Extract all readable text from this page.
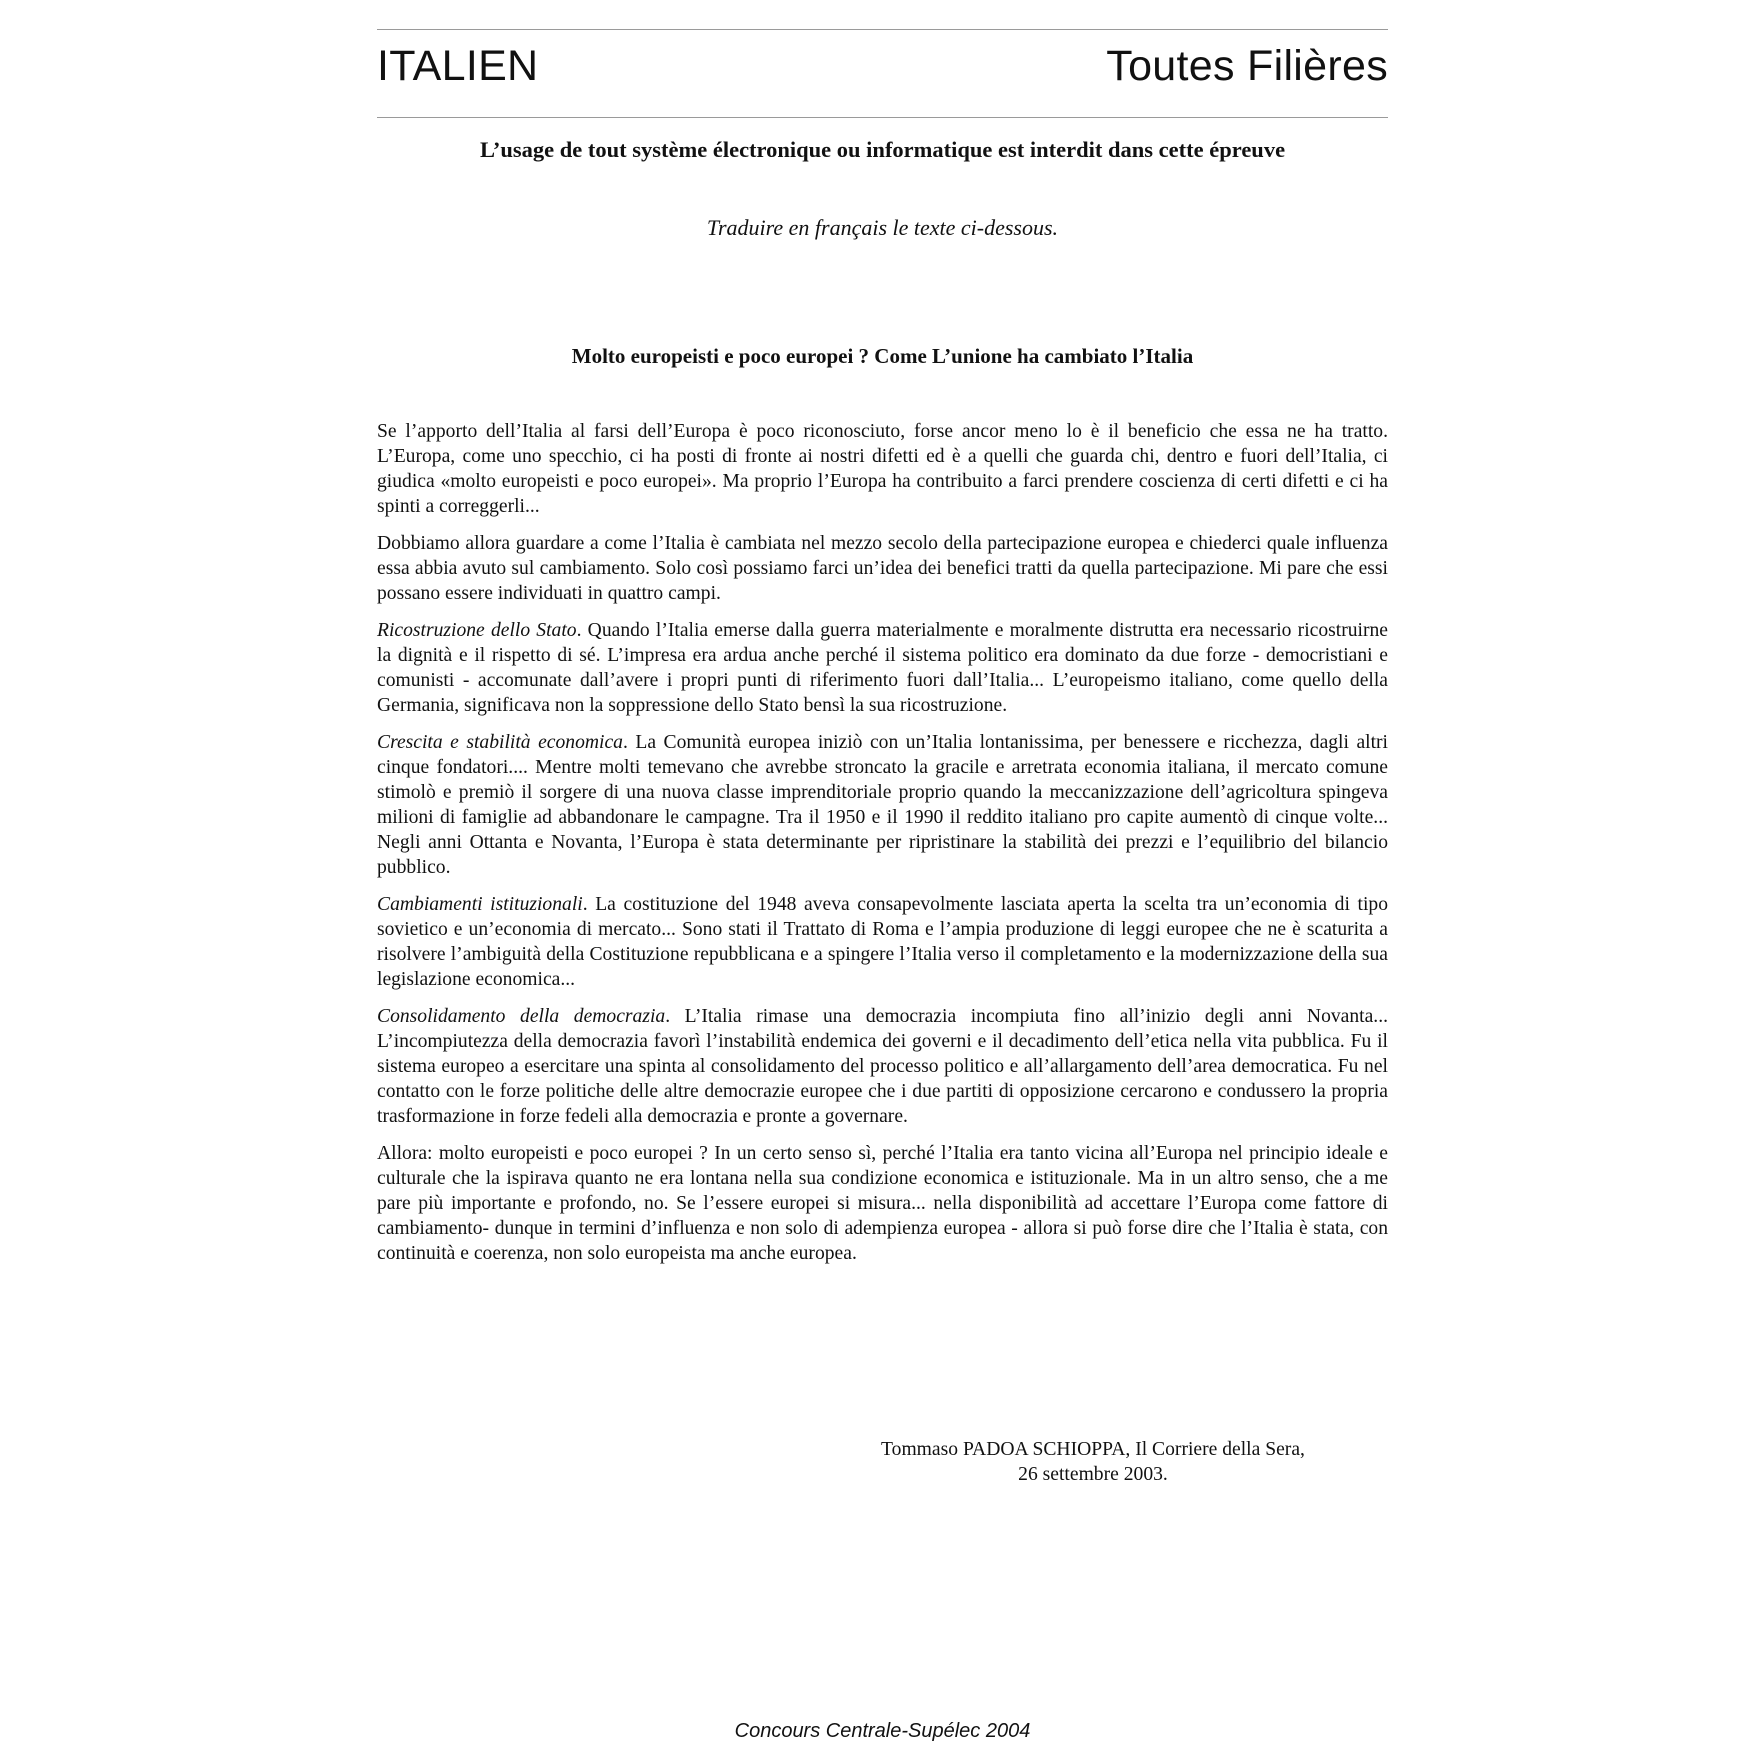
ITALIEN	Toutes Filières
L’usage de tout système électronique ou informatique est interdit dans cette épreuve
Traduire en français le texte ci-dessous.
Molto europeisti e poco europei ? Come L’unione ha cambiato l’Italia

Se l’apporto dell’Italia al farsi dell’Europa è poco riconosciuto, forse ancor meno lo è il beneficio che essa ne ha tratto. L’Europa, come uno specchio, ci ha posti di fronte ai nostri difetti ed è a quelli che guarda chi, dentro e fuori dell’Italia, ci giudica «molto europeisti e poco europei». Ma proprio l’Europa ha contribuito a farci prendere coscienza di certi difetti e ci ha spinti a correggerli...

Dobbiamo allora guardare a come l’Italia è cambiata nel mezzo secolo della partecipazione europea e chiederci quale influenza essa abbia avuto sul cambiamento. Solo così possiamo farci un’idea dei benefici tratti da quella partecipazione. Mi pare che essi possano essere individuati in quattro campi.

Ricostruzione dello Stato. Quando l’Italia emerse dalla guerra materialmente e moralmente distrutta era necessario ricostruirne la dignità e il rispetto di sé. L’impresa era ardua anche perché il sistema politico era dominato da due forze - democristiani e comunisti - accomunate dall’avere i propri punti di riferimento fuori dall’Italia... L’europeismo italiano, come quello della Germania, significava non la soppressione dello Stato bensì la sua ricostruzione.

Crescita e stabilità economica. La Comunità europea iniziò con un’Italia lontanissima, per benessere e ricchezza, dagli altri cinque fondatori.... Mentre molti temevano che avrebbe stroncato la gracile e arretrata economia italiana, il mercato comune stimolò e premiò il sorgere di una nuova classe imprenditoriale proprio quando la meccanizzazione dell’agricoltura spingeva milioni di famiglie ad abbandonare le campagne. Tra il 1950 e il 1990 il reddito italiano pro capite aumentò di cinque volte... Negli anni Ottanta e Novanta, l’Europa è stata determinante per ripristinare la stabilità dei prezzi e l’equilibrio del bilancio pubblico.

Cambiamenti istituzionali. La costituzione del 1948 aveva consapevolmente lasciata aperta la scelta tra un’economia di tipo sovietico e un’economia di mercato... Sono stati il Trattato di Roma e l’ampia produzione di leggi europee che ne è scaturita a risolvere l’ambiguità della Costituzione repubblicana e a spingere l’Italia verso il completamento e la modernizzazione della sua legislazione economica...

Consolidamento della democrazia. L’Italia rimase una democrazia incompiuta fino all’inizio degli anni Novanta... L’incompiutezza della democrazia favorì l’instabilità endemica dei governi e il decadimento dell’etica nella vita pubblica. Fu il sistema europeo a esercitare una spinta al consolidamento del processo politico e all’allargamento dell’area democratica. Fu nel contatto con le forze politiche delle altre democrazie europee che i due partiti di opposizione cercarono e condussero la propria trasformazione in forze fedeli alla democrazia e pronte a governare.

Allora: molto europeisti e poco europei ? In un certo senso sì, perché l’Italia era tanto vicina all’Europa nel principio ideale e culturale che la ispirava quanto ne era lontana nella sua condizione economica e istituzionale. Ma in un altro senso, che a me pare più importante e profondo, no. Se l’essere europei si misura... nella disponibilità ad accettare l’Europa come fattore di cambiamento- dunque in termini d’influenza e non solo di adempienza europea - allora si può forse dire che l’Italia è stata, con continuità e coerenza, non solo europeista ma anche europea.

Tommaso PADOA SCHIOPPA, Il Corriere della Sera,
26 settembre 2003.
Concours Centrale-Supélec 2004
